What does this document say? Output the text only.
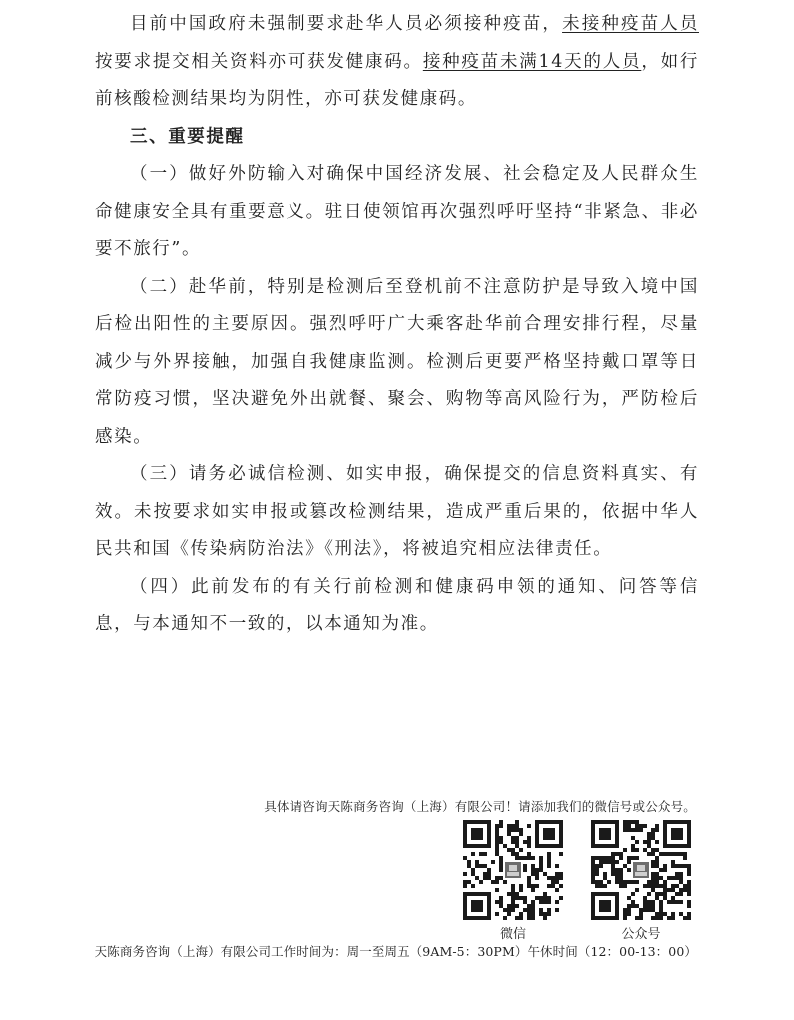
目前中国政府未强制要求赴华人员必须接种疫苗，未接种疫苗人员按要求提交相关资料亦可获发健康码。接种疫苗未满14天的人员，如行前核酸检测结果均为阴性，亦可获发健康码。

三、重要提醒

（一）做好外防输入对确保中国经济发展、社会稳定及人民群众生命健康安全具有重要意义。驻日使领馆再次强烈呼吁坚持“非紧急、非必要不旅行”。

（二）赴华前，特别是检测后至登机前不注意防护是导致入境中国后检出阳性的主要原因。强烈呼吁广大乘客赴华前合理安排行程，尽量减少与外界接触，加强自我健康监测。检测后更要严格坚持戴口罩等日常防疫习惯，坚决避免外出就餐、聚会、购物等高风险行为，严防检后感染。

（三）请务必诚信检测、如实申报，确保提交的信息资料真实、有效。未按要求如实申报或篡改检测结果，造成严重后果的，依据中华人民共和国《传染病防治法》《刑法》，将被追究相应法律责任。

（四）此前发布的有关行前检测和健康码申领的通知、问答等信息，与本通知不一致的，以本通知为准。

具体请咨询天陈商务咨询（上海）有限公司！请添加我们的微信号或公众号。
微信	公众号
天陈商务咨询（上海）有限公司工作时间为：周一至周五（9AM-5：30PM）午休时间（12：00-13：00）
